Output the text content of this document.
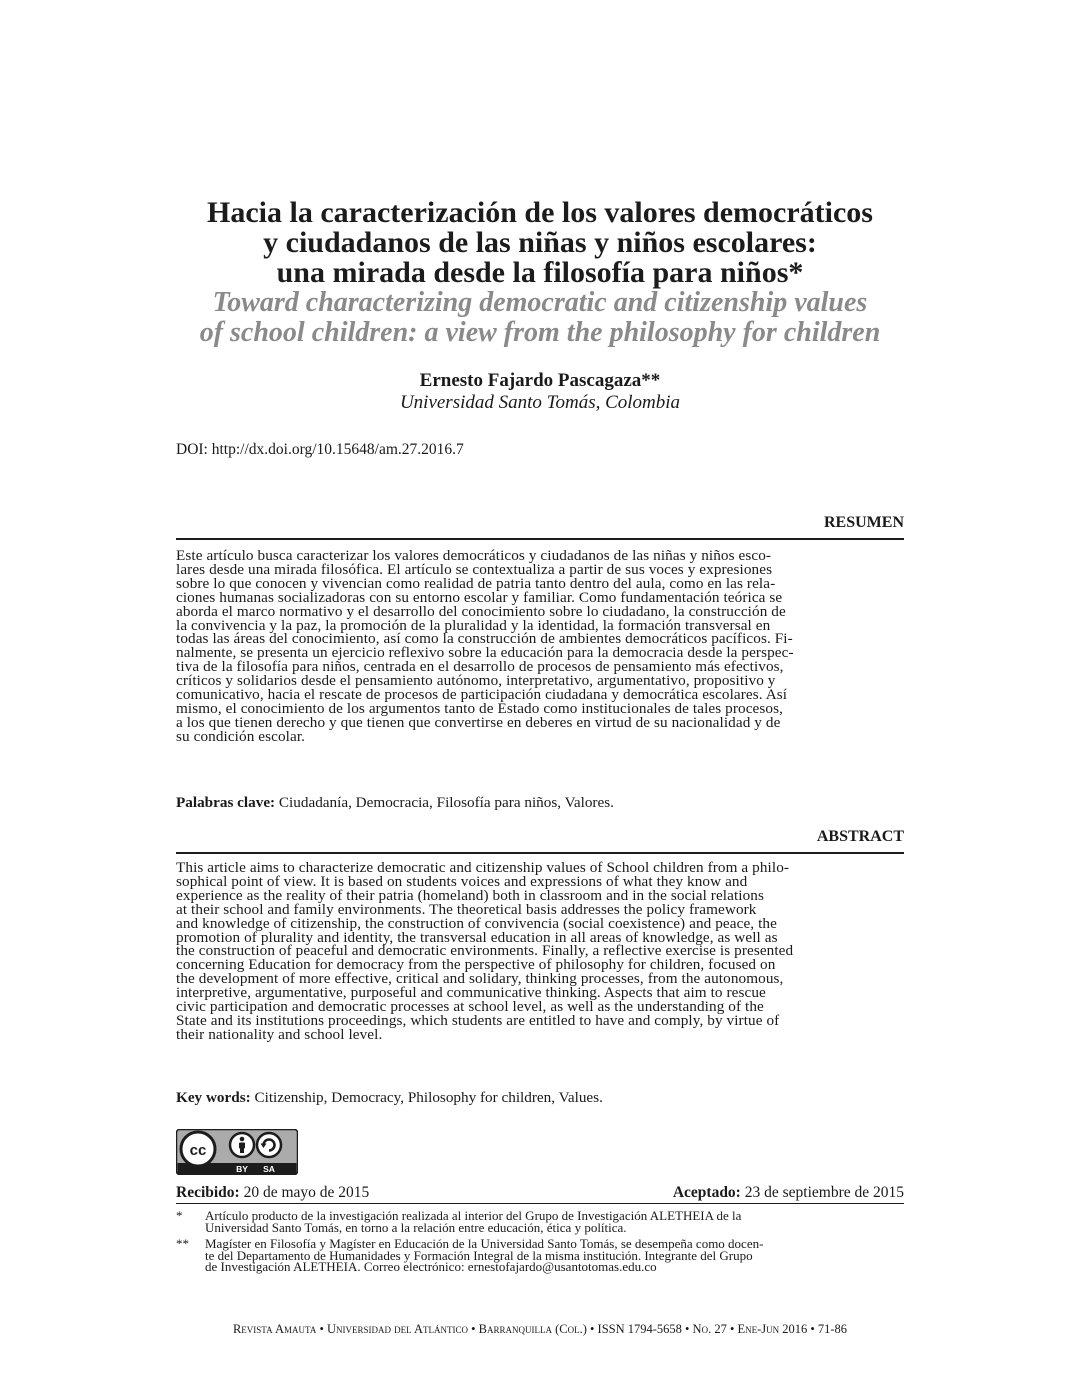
Hacia la caracterización de los valores democráticos
y ciudadanos de las niñas y niños escolares:
una mirada desde la filosofía para niños*
Toward characterizing democratic and citizenship values
of school children: a view from the philosophy for children
Ernesto Fajardo Pascagaza**
Universidad Santo Tomás, Colombia
DOI: http://dx.doi.org/10.15648/am.27.2016.7
RESUMEN
Este artículo busca caracterizar los valores democráticos y ciudadanos de las niñas y niños esco-
lares desde una mirada filosófica. El artículo se contextualiza a partir de sus voces y expresiones
sobre lo que conocen y vivencian como realidad de patria tanto dentro del aula, como en las rela-
ciones humanas socializadoras con su entorno escolar y familiar. Como fundamentación teórica se
aborda el marco normativo y el desarrollo del conocimiento sobre lo ciudadano, la construcción de
la convivencia y la paz, la promoción de la pluralidad y la identidad, la formación transversal en
todas las áreas del conocimiento, así como la construcción de ambientes democráticos pacíficos. Fi-
nalmente, se presenta un ejercicio reflexivo sobre la educación para la democracia desde la perspec-
tiva de la filosofía para niños, centrada en el desarrollo de procesos de pensamiento más efectivos,
críticos y solidarios desde el pensamiento autónomo, interpretativo, argumentativo, propositivo y
comunicativo, hacia el rescate de procesos de participación ciudadana y democrática escolares. Así
mismo, el conocimiento de los argumentos tanto de Estado como institucionales de tales procesos,
a los que tienen derecho y que tienen que convertirse en deberes en virtud de su nacionalidad y de
su condición escolar.
Palabras clave: Ciudadanía, Democracia, Filosofía para niños, Valores.
ABSTRACT
This article aims to characterize democratic and citizenship values of School children from a philo-
sophical point of view. It is based on students voices and expressions of what they know and
experience as the reality of their patria (homeland) both in classroom and in the social relations
at their school and family environments. The theoretical basis addresses the policy framework
and knowledge of citizenship, the construction of convivencia (social coexistence) and peace, the
promotion of plurality and identity, the transversal education in all areas of knowledge, as well as
the construction of peaceful and democratic environments. Finally, a reflective exercise is presented
concerning Education for democracy from the perspective of philosophy for children, focused on
the development of more effective, critical and solidary, thinking processes, from the autonomous,
interpretive, argumentative, purposeful and communicative thinking. Aspects that aim to rescue
civic participation and democratic processes at school level, as well as the understanding of the
State and its institutions proceedings, which students are entitled to have and comply, by virtue of
their nationality and school level.
Key words: Citizenship, Democracy, Philosophy for children, Values.
cc
BY SA
Recibido: 20 de mayo de 2015	Aceptado: 23 de septiembre de 2015
* Artículo producto de la investigación realizada al interior del Grupo de Investigación ALETHEIA de la
Universidad Santo Tomás, en torno a la relación entre educación, ética y política.
** Magíster en Filosofía y Magíster en Educación de la Universidad Santo Tomás, se desempeña como docen-
te del Departamento de Humanidades y Formación Integral de la misma institución. Integrante del Grupo
de Investigación ALETHEIA. Correo electrónico: ernestofajardo@usantotomas.edu.co
Revista Amauta • Universidad del Atlántico • Barranquilla (Col.) • ISSN 1794-5658 • No. 27 • Ene-Jun 2016 • 71-86
